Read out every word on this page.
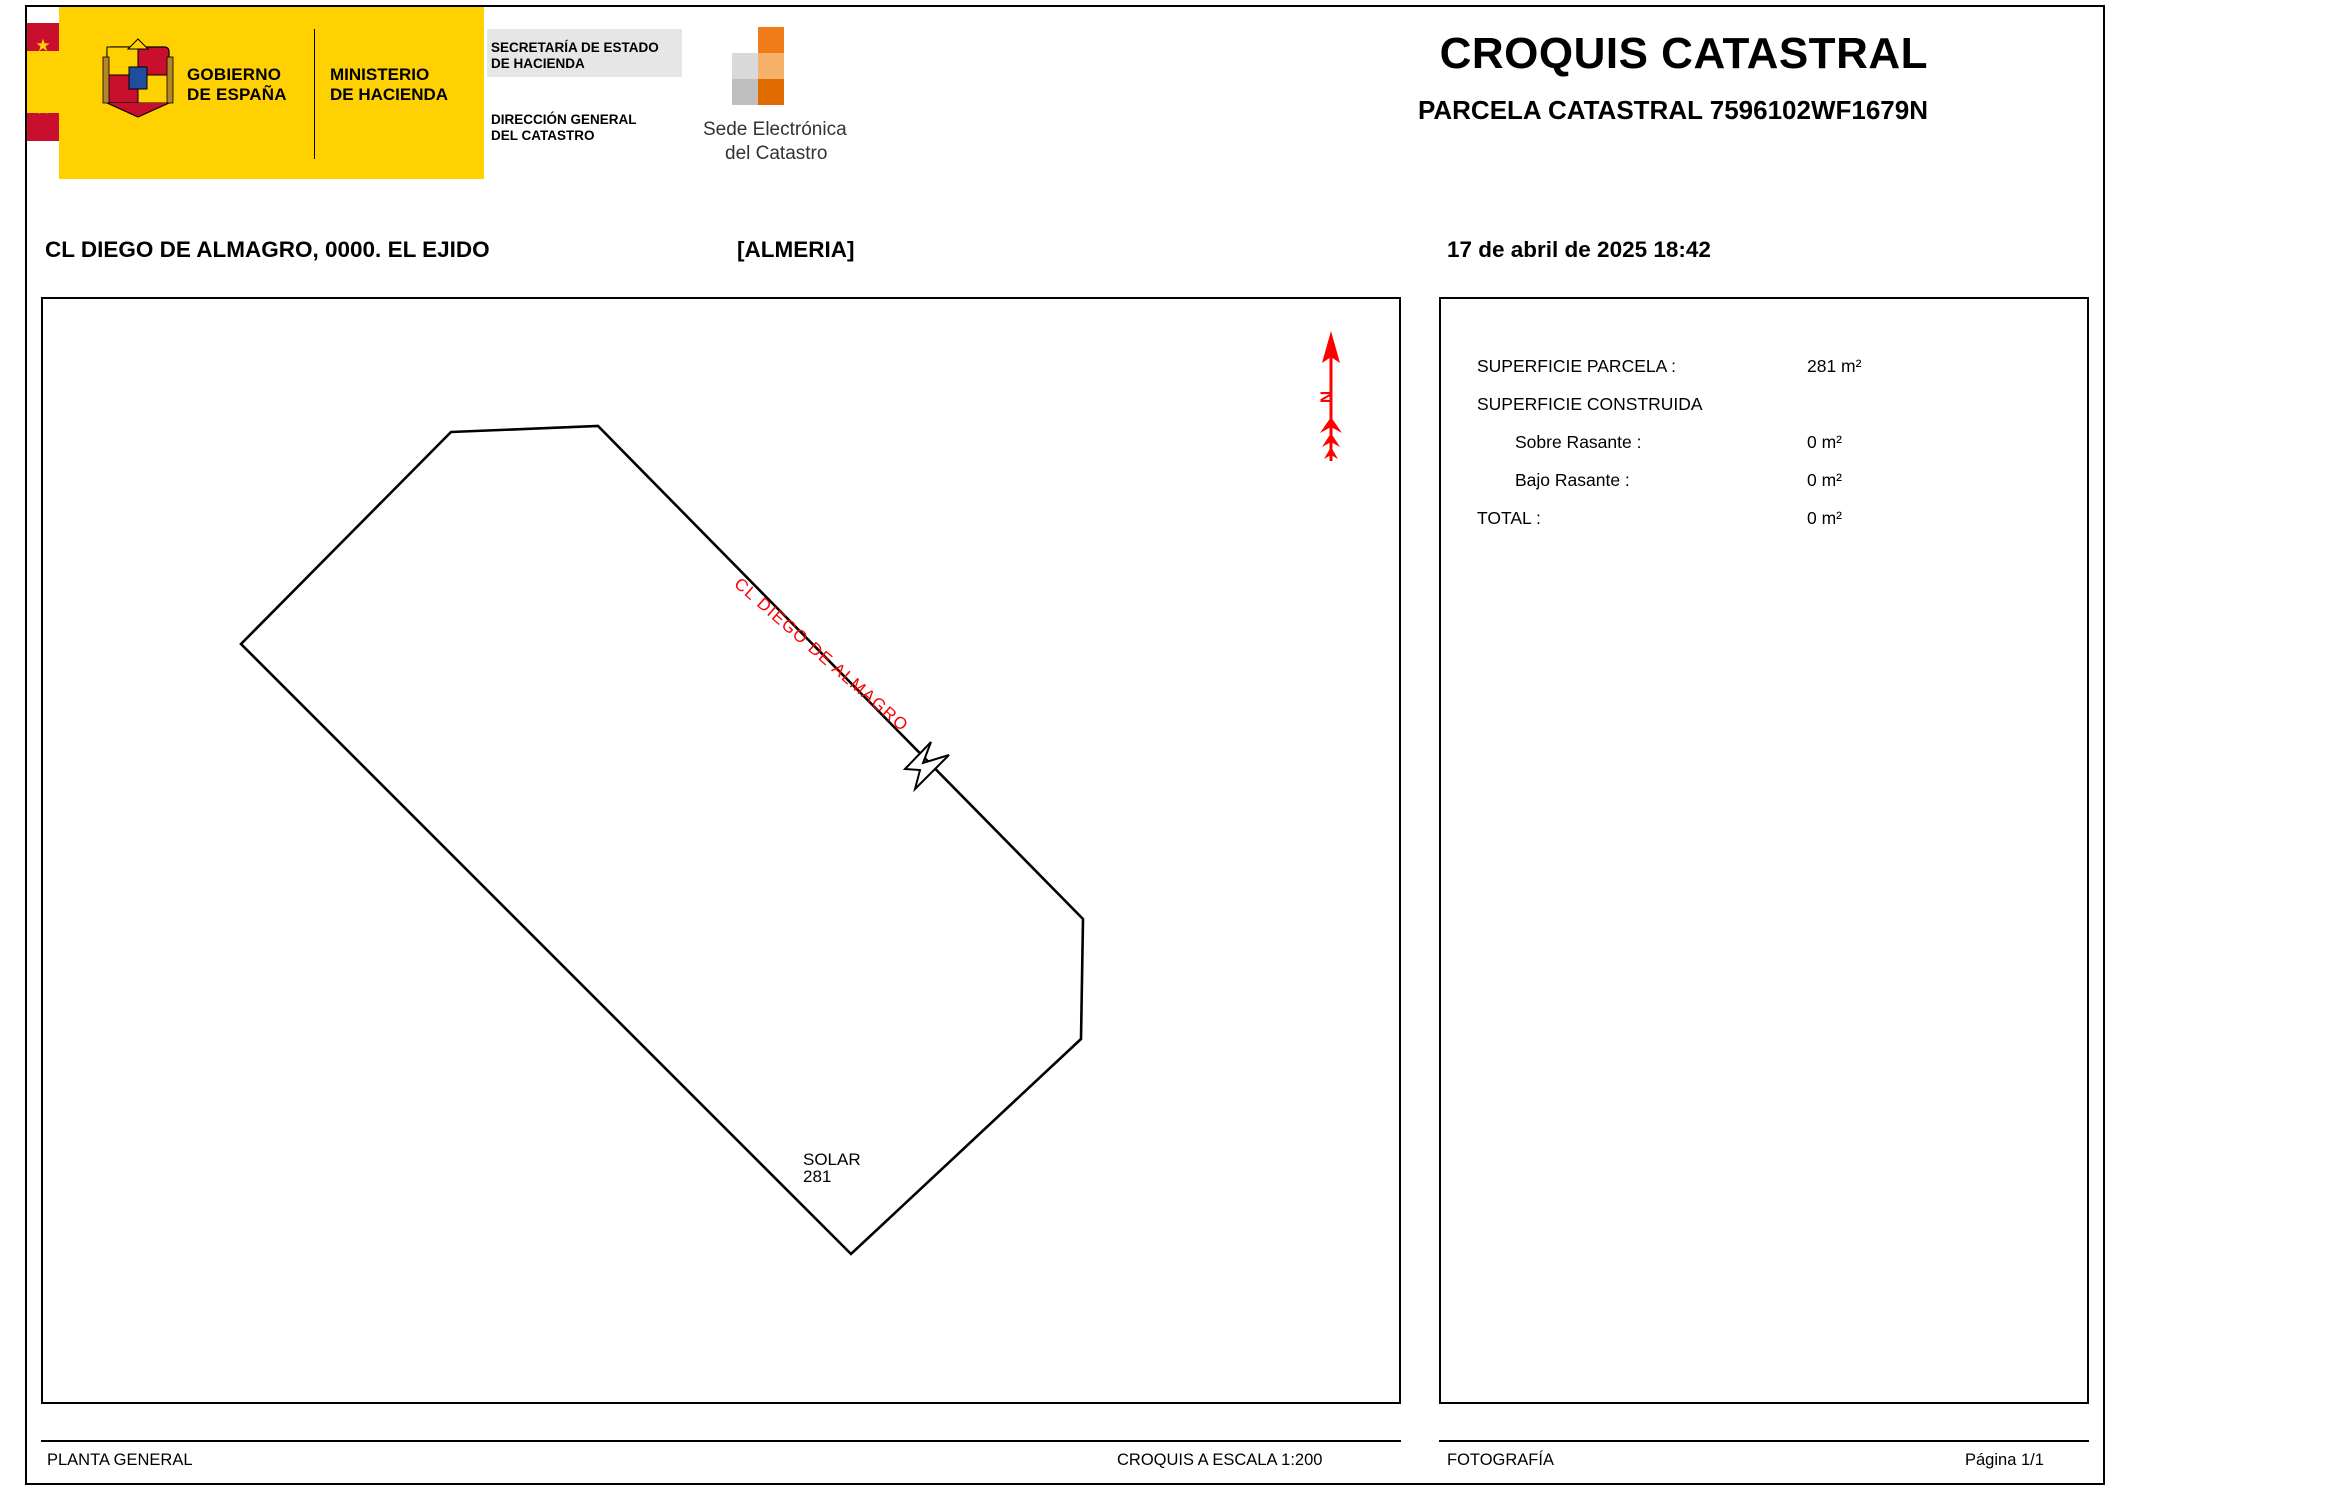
★
★
★
★
GOBIERNO
DE ESPAÑA
MINISTERIO
DE HACIENDA
SECRETARÍA DE ESTADO
DE HACIENDA
DIRECCIÓN GENERAL
DEL CATASTRO	Sede Electrónica
del Catastro
CROQUIS CATASTRAL
PARCELA CATASTRAL 7596102WF1679N
CL DIEGO DE ALMAGRO, 0000. EL EJIDO	[ALMERIA]	17 de abril de 2025 18:42
CL DIEGO DE ALMAGRO
SOLAR
281
N
SUPERFICIE PARCELA :	281 m²
SUPERFICIE CONSTRUIDA
Sobre Rasante :	0 m²
Bajo Rasante :	0 m²
TOTAL :	0 m²
PLANTA GENERAL	CROQUIS A ESCALA 1:200	FOTOGRAFÍA	Página 1/1
